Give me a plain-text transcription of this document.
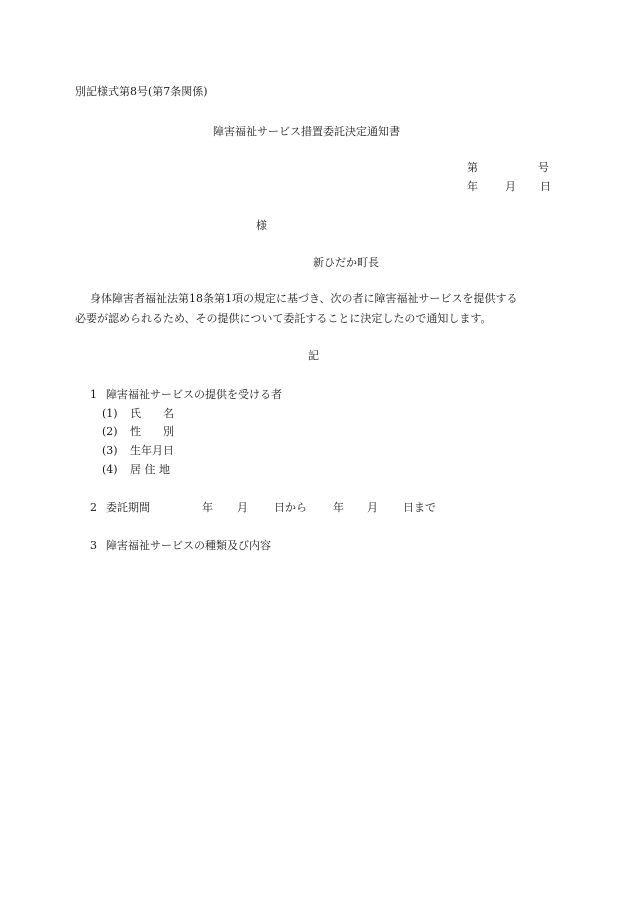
別記様式第8号(第7条関係)
障害福祉サービス措置委託決定通知書
第	号
年 月 日
様
新ひだか町長
身体障害者福祉法第18条第1項の規定に基づき、次の者に障害福祉サービスを提供する
必要が認められるため、その提供について委託することに決定したので通知します。
記
1 障害福祉サービスの提供を受ける者
(1) 氏　　名
(2) 性　　別
(3) 生年月日
(4) 居 住 地
2 委託期間	年 月 日から 年 月 日まで
3 障害福祉サービスの種類及び内容
